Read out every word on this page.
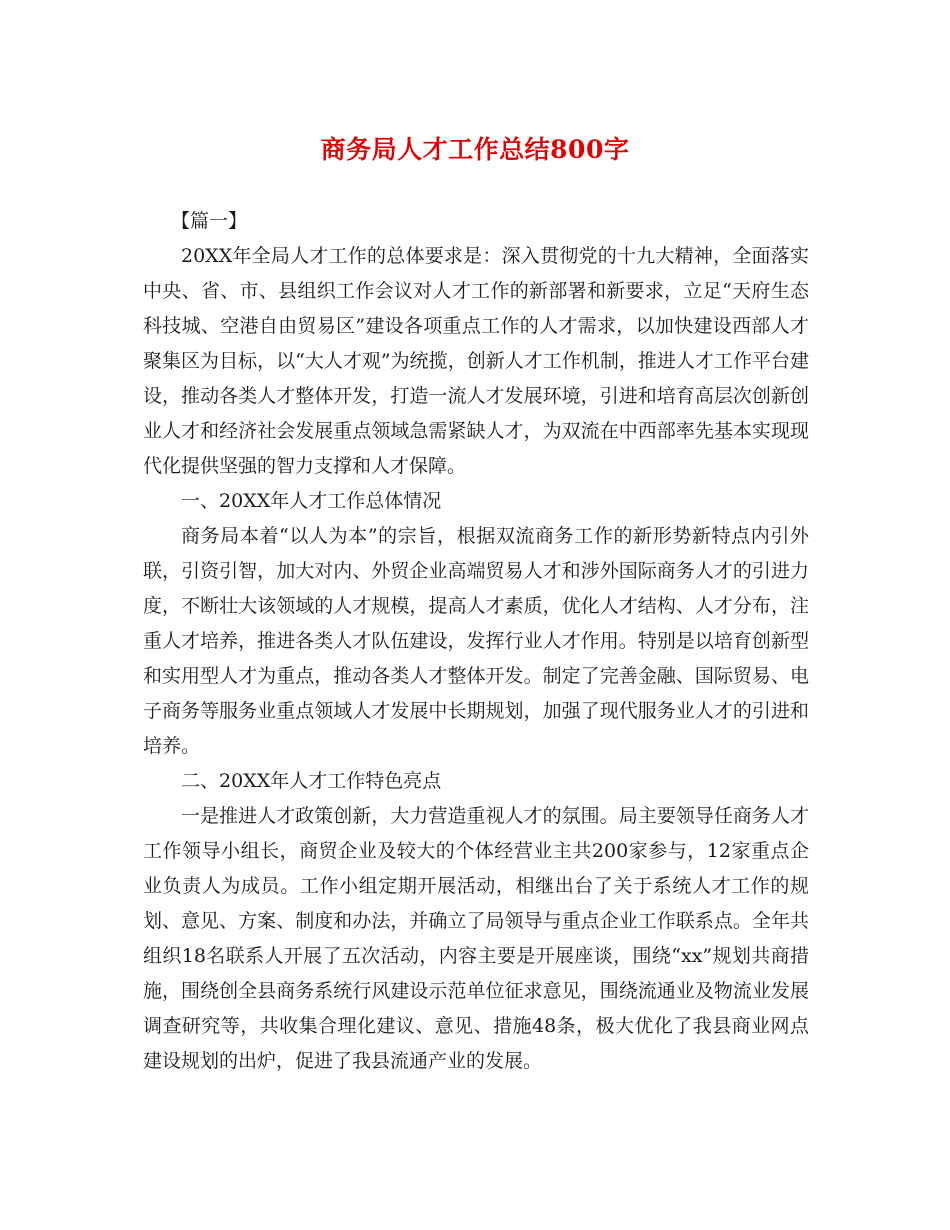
商务局人才工作总结800字

【篇一】

20XX年全局人才工作的总体要求是：深入贯彻党的十九大精神，全面落实中央、省、市、县组织工作会议对人才工作的新部署和新要求，立足“天府生态科技城、空港自由贸易区”建设各项重点工作的人才需求，以加快建设西部人才聚集区为目标，以“大人才观”为统揽，创新人才工作机制，推进人才工作平台建设，推动各类人才整体开发，打造一流人才发展环境，引进和培育高层次创新创业人才和经济社会发展重点领域急需紧缺人才，为双流在中西部率先基本实现现代化提供坚强的智力支撑和人才保障。

一、20XX年人才工作总体情况

商务局本着“以人为本”的宗旨，根据双流商务工作的新形势新特点内引外联，引资引智，加大对内、外贸企业高端贸易人才和涉外国际商务人才的引进力度，不断壮大该领域的人才规模，提高人才素质，优化人才结构、人才分布，注重人才培养，推进各类人才队伍建设，发挥行业人才作用。特别是以培育创新型和实用型人才为重点，推动各类人才整体开发。制定了完善金融、国际贸易、电子商务等服务业重点领域人才发展中长期规划，加强了现代服务业人才的引进和培养。

二、20XX年人才工作特色亮点

一是推进人才政策创新，大力营造重视人才的氛围。局主要领导任商务人才工作领导小组长，商贸企业及较大的个体经营业主共200家参与，12家重点企业负责人为成员。工作小组定期开展活动，相继出台了关于系统人才工作的规划、意见、方案、制度和办法，并确立了局领导与重点企业工作联系点。全年共组织18名联系人开展了五次活动，内容主要是开展座谈，围绕“xx”规划共商措施，围绕创全县商务系统行风建设示范单位征求意见，围绕流通业及物流业发展调查研究等，共收集合理化建议、意见、措施48条，极大优化了我县商业网点建设规划的出炉，促进了我县流通产业的发展。
